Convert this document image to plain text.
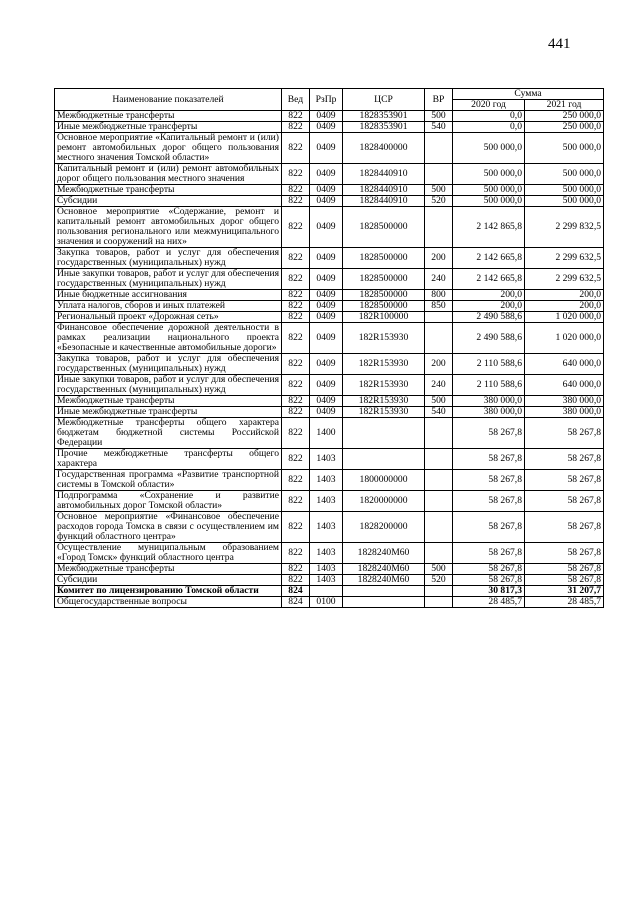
441
Наименование показателей	Вед	РзПр	ЦСР	ВР	Сумма	
					2020 год	2021 год
Межбюджетные трансферты	822	0409	1828353901	500	0,0	250 000,0
Иные межбюджетные трансферты	822	0409	1828353901	540	0,0	250 000,0
Основное мероприятие «Капитальный ремонт и (или) ремонт автомобильных дорог общего пользования местного значения Томской области»	822	0409	1828400000		500 000,0	500 000,0
Капитальный ремонт и (или) ремонт автомобильных дорог общего пользования местного значения	822	0409	1828440910		500 000,0	500 000,0
Межбюджетные трансферты	822	0409	1828440910	500	500 000,0	500 000,0
Субсидии	822	0409	1828440910	520	500 000,0	500 000,0
Основное мероприятие «Содержание, ремонт и капитальный ремонт автомобильных дорог общего пользования регионального или межмуниципального значения и сооружений на них»	822	0409	1828500000		2 142 865,8	2 299 832,5
Закупка товаров, работ и услуг для обеспечения государственных (муниципальных) нужд	822	0409	1828500000	200	2 142 665,8	2 299 632,5
Иные закупки товаров, работ и услуг для обеспечения государственных (муниципальных) нужд	822	0409	1828500000	240	2 142 665,8	2 299 632,5
Иные бюджетные ассигнования	822	0409	1828500000	800	200,0	200,0
Уплата налогов, сборов и иных платежей	822	0409	1828500000	850	200,0	200,0
Региональный проект «Дорожная сеть»	822	0409	182R100000		2 490 588,6	1 020 000,0
Финансовое обеспечение дорожной деятельности в рамках реализации национального проекта «Безопасные и качественные автомобильные дороги»	822	0409	182R153930		2 490 588,6	1 020 000,0
Закупка товаров, работ и услуг для обеспечения государственных (муниципальных) нужд	822	0409	182R153930	200	2 110 588,6	640 000,0
Иные закупки товаров, работ и услуг для обеспечения государственных (муниципальных) нужд	822	0409	182R153930	240	2 110 588,6	640 000,0
Межбюджетные трансферты	822	0409	182R153930	500	380 000,0	380 000,0
Иные межбюджетные трансферты	822	0409	182R153930	540	380 000,0	380 000,0
Межбюджетные трансферты общего характера бюджетам бюджетной системы Российской Федерации	822	1400			58 267,8	58 267,8
Прочие межбюджетные трансферты общего характера	822	1403			58 267,8	58 267,8
Государственная программа «Развитие транспортной системы в Томской области»	822	1403	1800000000		58 267,8	58 267,8
Подпрограмма «Сохранение и развитие автомобильных дорог Томской области»	822	1403	1820000000		58 267,8	58 267,8
Основное мероприятие «Финансовое обеспечение расходов города Томска в связи с осуществлением им функций областного центра»	822	1403	1828200000		58 267,8	58 267,8
Осуществление муниципальным образованием «Город Томск» функций областного центра	822	1403	1828240M60		58 267,8	58 267,8
Межбюджетные трансферты	822	1403	1828240M60	500	58 267,8	58 267,8
Субсидии	822	1403	1828240M60	520	58 267,8	58 267,8
Комитет по лицензированию Томской области	824				30 817,3	31 207,7
Общегосударственные вопросы	824	0100			28 485,7	28 485,7
